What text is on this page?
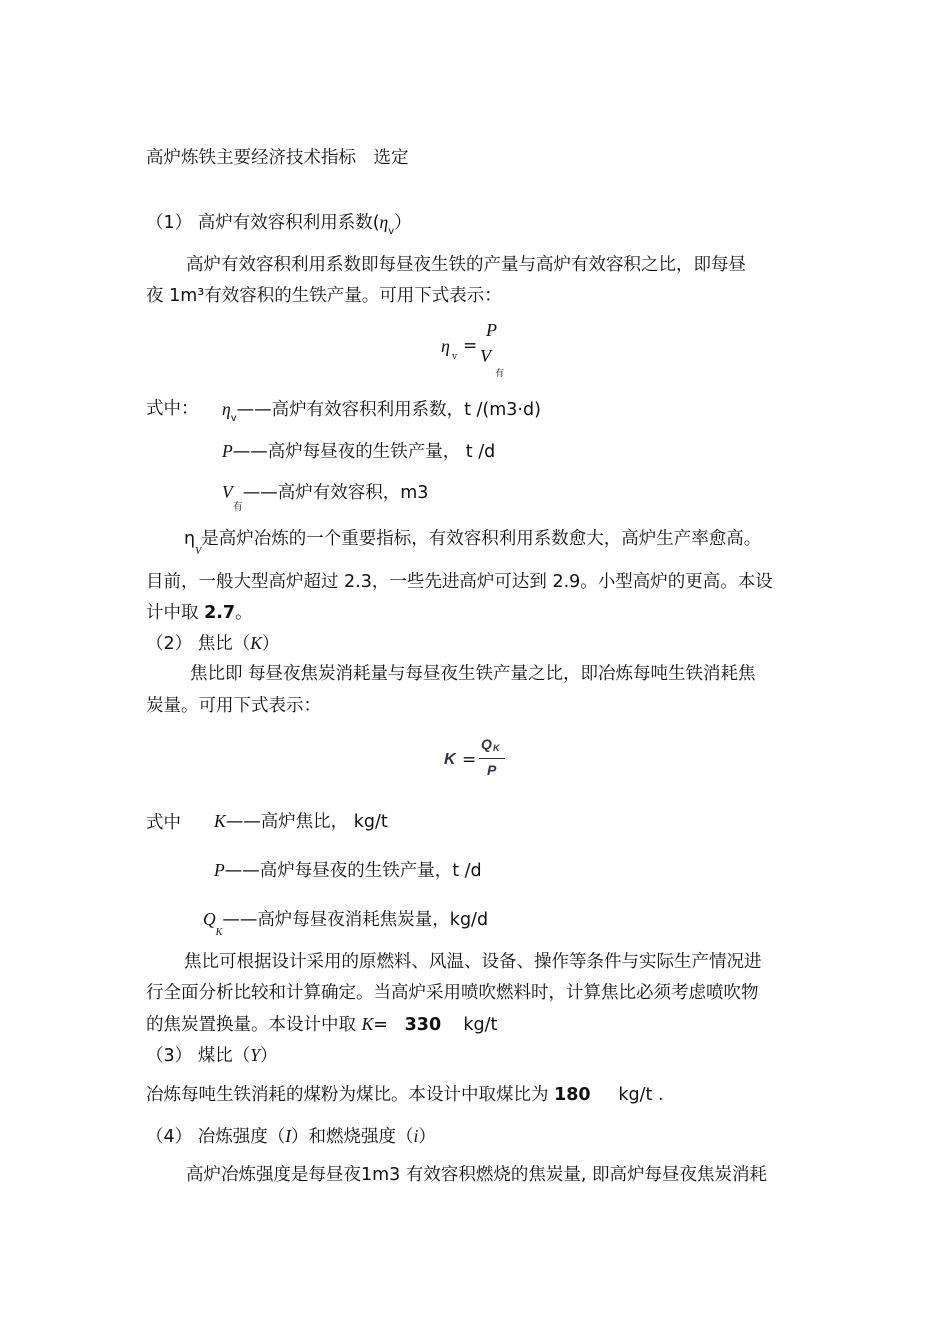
高炉炼铁主要经济技术指标　选定
（1） 高炉有效容积利用系数$(\eta_v)$
高炉有效容积利用系数即每昼夜生铁的产量与高炉有效容积之比，即每昼
夜 1m³有效容积的生铁产量。可用下式表示：
η
v
=
P
V
有
式中： $\eta_v——$高炉有效容积利用系数，t /(m3·d)
P——高炉每昼夜的生铁产量， t /d
$V_有——$高炉有效容积，m3
$\eta_V$是高炉冶炼的一个重要指标，有效容积利用系数愈大，高炉生产率愈高。
目前，一般大型高炉超过 2.3，一些先进高炉可达到 2.9。小型高炉的更高。本设
计中取 2.7。
（2） 焦比（K）
焦比即 每昼夜焦炭消耗量与每昼夜生铁产量之比，即冶炼每吨生铁消耗焦
炭量。可用下式表示：
K =
Q K
P
式中 K——高炉焦比， kg/t
P——高炉每昼夜的生铁产量，t /d
$Q_K——$高炉每昼夜消耗焦炭量，kg/d
焦比可根据设计采用的原燃料、风温、设备、操作等条件与实际生产情况进
行全面分析比较和计算确定。当高炉采用喷吹燃料时，计算焦比必须考虑喷吹物
的焦炭置换量。本设计中取 K= 330 kg/t
（3） 煤比（Y）
冶炼每吨生铁消耗的煤粉为煤比。本设计中取煤比为 180 kg/t .
（4） 冶炼强度（I）和燃烧强度（i）
高炉冶炼强度是每昼夜1m3 有效容积燃烧的焦炭量, 即高炉每昼夜焦炭消耗
